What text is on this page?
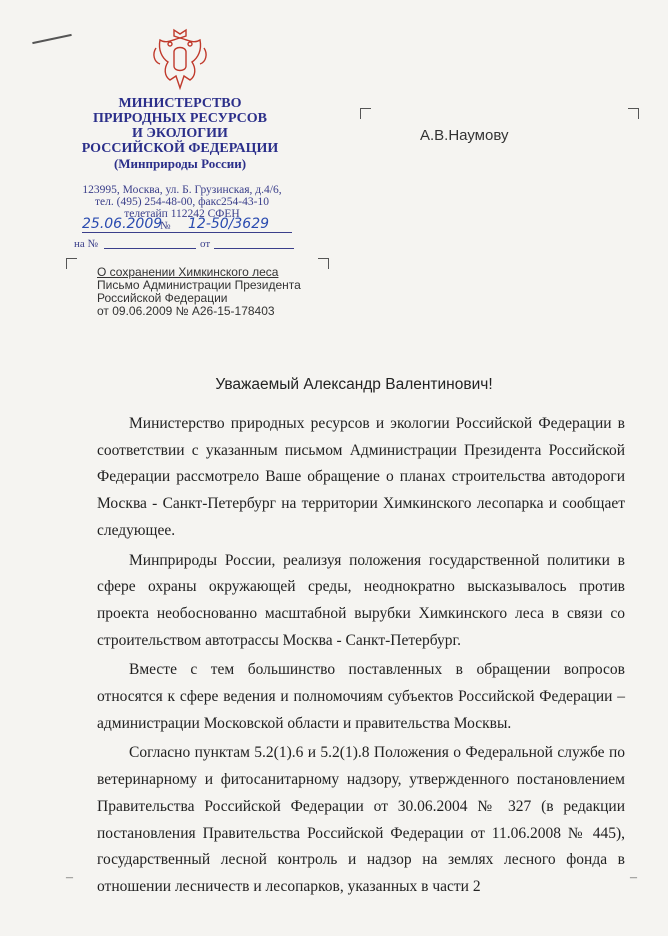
МИНИСТЕРСТВО
ПРИРОДНЫХ РЕСУРСОВ
И ЭКОЛОГИИ
РОССИЙСКОЙ ФЕДЕРАЦИИ
(Минприроды России)
123995, Москва, ул. Б. Грузинская, д.4/6,
тел. (495) 254-48-00, факс254-43-10
телетайп 112242 СФЕН
25.06.2009
№ 12-50/3629
на №	от
А.В.Наумову
О сохранении Химкинского леса
Письмо Администрации Президента
Российской Федерации
от 09.06.2009 № А26-15-178403
Уважаемый Александр Валентинович!

Министерство природных ресурсов и экологии Российской Федерации в соответствии с указанным письмом Администрации Президента Российской Федерации рассмотрело Ваше обращение о планах строительства автодороги Москва - Санкт-Петербург на территории Химкинского лесопарка и сообщает следующее.

Минприроды России, реализуя положения государственной политики в сфере охраны окружающей среды, неоднократно высказывалось против проекта необоснованно масштабной вырубки Химкинского леса в связи со строительством автотрассы Москва - Санкт-Петербург.

Вместе с тем большинство поставленных в обращении вопросов относятся к сфере ведения и полномочиям субъектов Российской Федерации – администрации Московской области и правительства Москвы.

Согласно пунктам 5.2(1).6 и 5.2(1).8 Положения о Федеральной службе по ветеринарному и фитосанитарному надзору, утвержденного постановлением Правительства Российской Федерации от 30.06.2004 № 327 (в редакции постановления Правительства Российской Федерации от 11.06.2008 № 445), государственный лесной контроль и надзор на землях лесного фонда в отношении лесничеств и лесопарков, указанных в части 2

–	–
